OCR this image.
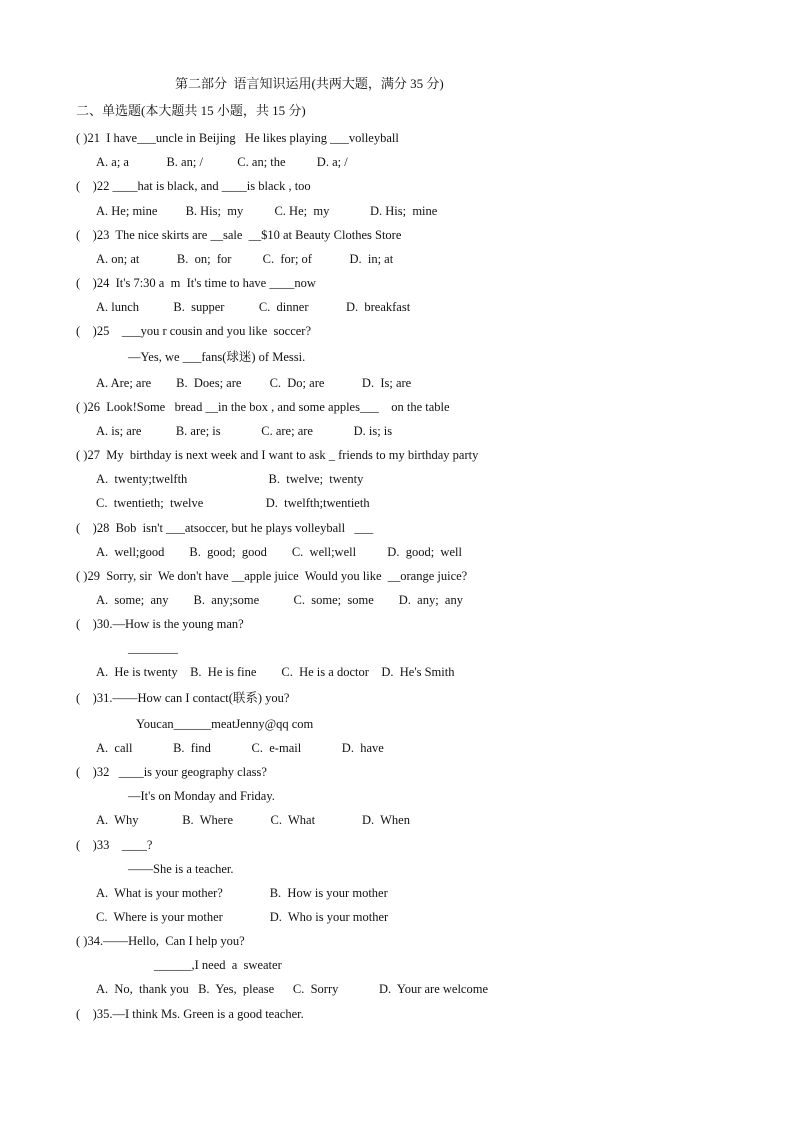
第二部分  语言知识运用(共两大题，满分 35 分)
二、单选题(本大题共 15 小题，共 15 分)
( )21  I have___uncle in Beijing   He likes playing ___volleyball
A. a; a            B. an; /           C. an; the          D. a; /
(    )22 ____hat is black, and ____is black , too
A. He; mine         B. His;  my          C. He;  my             D. His;  mine
(    )23  The nice skirts are __sale  __$10 at Beauty Clothes Store
A. on; at            B.  on;  for          C.  for; of            D.  in; at
(    )24  It's 7:30 a  m  It's time to have ____now
A. lunch           B.  supper           C.  dinner            D.  breakfast
(    )25    ___you r cousin and you like  soccer?
—Yes, we ___fans(球迷) of Messi.
A. Are; are        B.  Does; are         C.  Do; are            D.  Is; are
( )26  Look!Some   bread __in the box , and some apples___    on the table
A. is; are           B. are; is             C. are; are             D. is; is
( )27  My  birthday is next week and I want to ask _ friends to my birthday party
A.  twenty;twelfth                          B.  twelve;  twenty
C.  twentieth;  twelve                    D.  twelfth;twentieth
(    )28  Bob  isn't ___atsoccer, but he plays volleyball   ___
A.  well;good        B.  good;  good        C.  well;well          D.  good;  well
( )29  Sorry, sir  We don't have __apple juice  Would you like  __orange juice?
A.  some;  any        B.  any;some           C.  some;  some        D.  any;  any
(    )30.—How is the young man?
________
A.  He is twenty    B.  He is fine        C.  He is a doctor    D.  He's Smith
(    )31.——How can I contact(联系) you?
Youcan______meatJenny@qq com
A.  call             B.  find             C.  e-mail             D.  have
(    )32   ____is your geography class?
—It's on Monday and Friday.
A.  Why              B.  Where            C.  What               D.  When
(    )33    ____?
——She is a teacher.
A.  What is your mother?               B.  How is your mother
C.  Where is your mother               D.  Who is your mother
( )34.——Hello,  Can I help you?
______,I need  a  sweater
A.  No,  thank you   B.  Yes,  please      C.  Sorry             D.  Your are welcome
(    )35.—I think Ms. Green is a good teacher.
